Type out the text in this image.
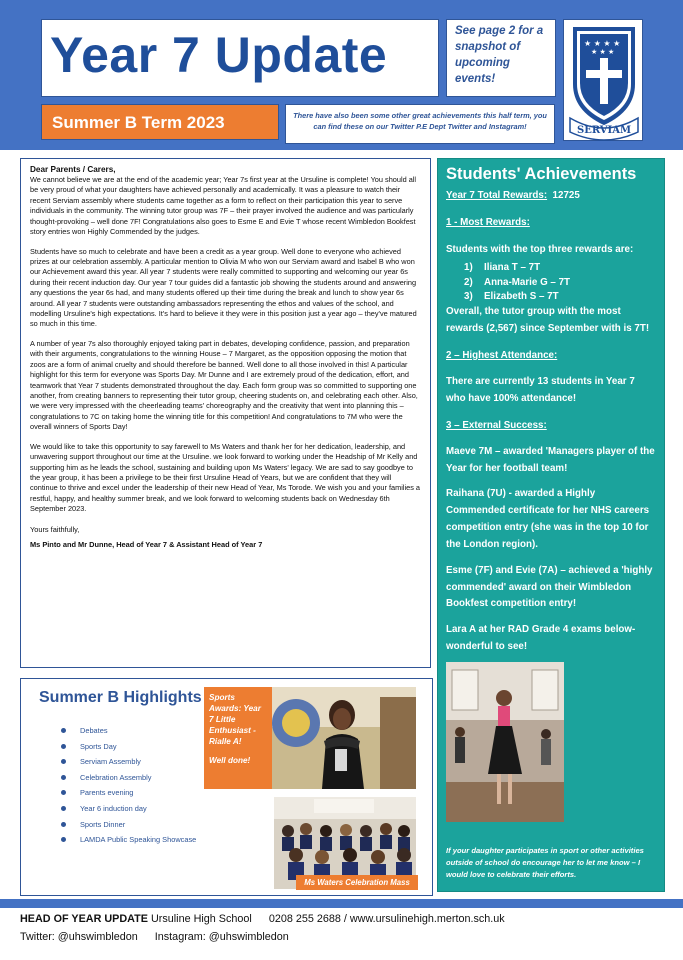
Year 7 Update	See page 2 for a snapshot of upcoming events!
★ ★ ★ ★
★ ★ ★
SERVIAM
Summer B Term 2023	There have also been some other great achievements this half term, you can find these on our Twitter P.E Dept Twitter and Instagram!
Dear Parents / Carers,

We cannot believe we are at the end of the academic year; Year 7s first year at the Ursuline is complete! You should all be very proud of what your daughters have achieved personally and academically. It was a pleasure to watch their recent Serviam assembly where students came together as a form to reflect on their participation this year to serve individuals in the community. The winning tutor group was 7F – their prayer involved the audience and was particularly thought-provoking – well done 7F! Congratulations also goes to Esme E and Evie T whose recent Wimbledon Bookfest story entries won Highly Commended by the judges.

Students have so much to celebrate and have been a credit as a year group. Well done to everyone who achieved prizes at our celebration assembly. A particular mention to Olivia M who won our Serviam award and Isabel B who won our Achievement award this year. All year 7 students were really committed to supporting and welcoming our year 6s during their recent induction day. Our year 7 tour guides did a fantastic job showing the students around and answering any questions the year 6s had, and many students offered up their time during the break and lunch to show year 6s around. All year 7 students were outstanding ambassadors representing the ethos and values of the school, and modelling Ursuline's high expectations. It's hard to believe it they were in this position just a year ago – they've matured so much in this time.

A number of year 7s also thoroughly enjoyed taking part in debates, developing confidence, passion, and preparation with their arguments, congratulations to the winning House – 7 Margaret, as the opposition opposing the motion that zoos are a form of animal cruelty and should therefore be banned. Well done to all those involved in this! A particular highlight for this term for everyone was Sports Day. Mr Dunne and I are extremely proud of the dedication, effort, and teamwork that Year 7 students demonstrated throughout the day. Each form group was so committed to supporting one another, from creating banners to representing their tutor group, cheering students on, and celebrating each other. Also, we were very impressed with the cheerleading teams' choreography and the creativity that went into planning this – congratulations to 7C on taking home the winning title for this competition! And congratulations to 7M who were the overall winners of Sports Day!

We would like to take this opportunity to say farewell to Ms Waters and thank her for her dedication, leadership, and unwavering support throughout our time at the Ursuline. we look forward to working under the Headship of Mr Kelly and supporting him as he leads the school, sustaining and building upon Ms Waters' legacy. We are sad to say goodbye to the year group, it has been a privilege to be their first Ursuline Head of Years, but we are confident that they will continue to thrive and excel under the leadership of their new Head of Year, Ms Torode. We wish you and your families a restful, happy, and healthy summer break, and we look forward to welcoming students back on Wednesday 6th September 2023.

Yours faithfully,
Ms Pinto and Mr Dunne, Head of Year 7 & Assistant Head of Year 7
Summer B Highlights
Debates
Sports Day
Serviam Assembly
Celebration Assembly
Parents evening
Year 6 induction day
Sports Dinner
LAMDA Public Speaking Showcase
Sports Awards: Year 7 Little Enthusiast - Rialle A!
Well done!
Ms Waters Celebration Mass
Students' Achievements
Year 7 Total Rewards: 12725
1 - Most Rewards:
Students with the top three rewards are:
1) Iliana T – 7T
2) Anna-Marie G – 7T
3) Elizabeth S – 7T
Overall, the tutor group with the most rewards (2,567) since September with is 7T!
2 – Highest Attendance:
There are currently 13 students in Year 7 who have 100% attendance!
3 – External Success:
Maeve 7M – awarded 'Managers player of the Year for her football team!
Raihana (7U) - awarded a Highly Commended certificate for her NHS careers competition entry (she was in the top 10 for the London region).
Esme (7F) and Evie (7A) – achieved a 'highly commended' award on their Wimbledon Bookfest competition entry!
Lara A at her RAD Grade 4 exams below- wonderful to see!
If your daughter participates in sport or other activities outside of school do encourage her to let me know – I would love to celebrate their efforts.
HEAD OF YEAR UPDATE Ursuline High School 0208 255 2688 / www.ursulinehigh.merton.sch.uk
Twitter: @uhswimbledon Instagram: @uhswimbledon
